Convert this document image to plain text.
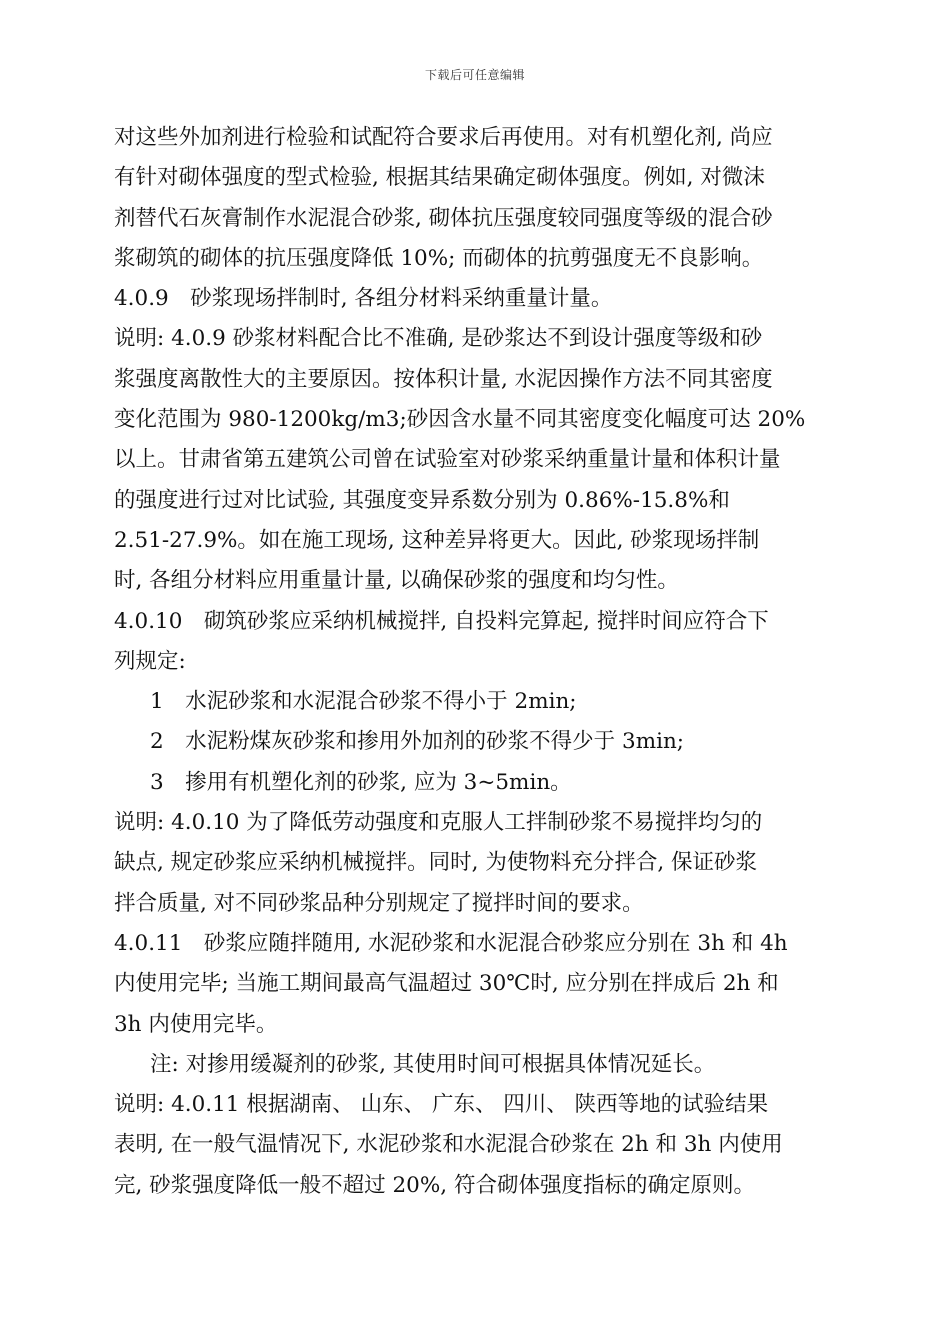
下载后可任意编辑
对这些外加剂进行检验和试配符合要求后再使用。对有机塑化剂, 尚应
有针对砌体强度的型式检验, 根据其结果确定砌体强度。例如, 对微沫
剂替代石灰膏制作水泥混合砂浆, 砌体抗压强度较同强度等级的混合砂
浆砌筑的砌体的抗压强度降低 10%; 而砌体的抗剪强度无不良影响。
4.0.9　砂浆现场拌制时, 各组分材料采纳重量计量。
说明: 4.0.9 砂浆材料配合比不准确, 是砂浆达不到设计强度等级和砂
浆强度离散性大的主要原因。按体积计量, 水泥因操作方法不同其密度
变化范围为 980-1200kg/m3;砂因含水量不同其密度变化幅度可达 20%
以上。甘肃省第五建筑公司曾在试验室对砂浆采纳重量计量和体积计量
的强度进行过对比试验, 其强度变异系数分别为 0.86%-15.8%和
2.51-27.9%。如在施工现场, 这种差异将更大。因此, 砂浆现场拌制
时, 各组分材料应用重量计量, 以确保砂浆的强度和均匀性。
4.0.10　砌筑砂浆应采纳机械搅拌, 自投料完算起, 搅拌时间应符合下
列规定:
1　水泥砂浆和水泥混合砂浆不得小于 2min;
2　水泥粉煤灰砂浆和掺用外加剂的砂浆不得少于 3min;
3　掺用有机塑化剂的砂浆, 应为 3~5min。
说明: 4.0.10 为了降低劳动强度和克服人工拌制砂浆不易搅拌均匀的
缺点, 规定砂浆应采纳机械搅拌。同时, 为使物料充分拌合, 保证砂浆
拌合质量, 对不同砂浆品种分别规定了搅拌时间的要求。
4.0.11　砂浆应随拌随用, 水泥砂浆和水泥混合砂浆应分别在 3h 和 4h
内使用完毕; 当施工期间最高气温超过 30℃时, 应分别在拌成后 2h 和
3h 内使用完毕。
注: 对掺用缓凝剂的砂浆, 其使用时间可根据具体情况延长。
说明: 4.0.11 根据湖南、 山东、 广东、 四川、 陕西等地的试验结果
表明, 在一般气温情况下, 水泥砂浆和水泥混合砂浆在 2h 和 3h 内使用
完, 砂浆强度降低一般不超过 20%, 符合砌体强度指标的确定原则。
